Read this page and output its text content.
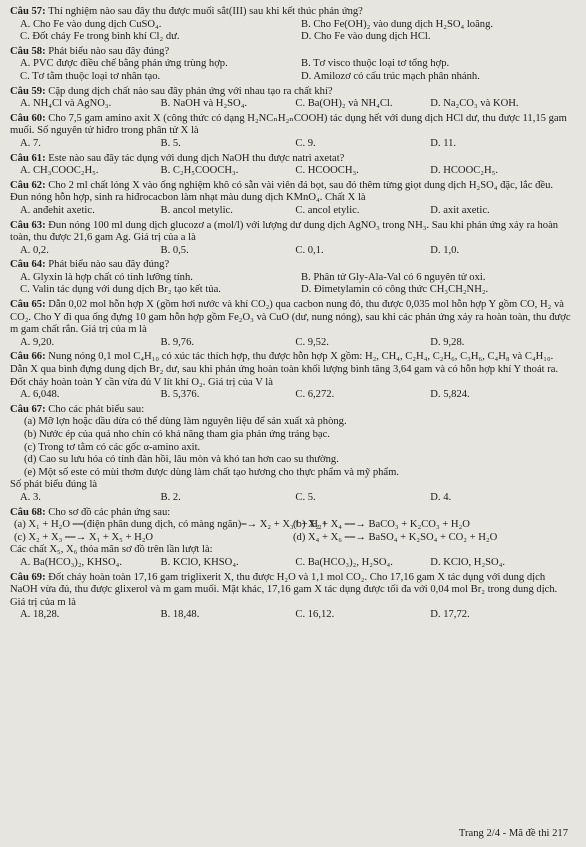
Câu 57: Thí nghiệm nào sau đây thu được muối sắt(III) sau khi kết thúc phản ứng?
A. Cho Fe vào dung dịch CuSO₄.	B. Cho Fe(OH)₂ vào dung dịch H₂SO₄ loãng.
C. Đốt cháy Fe trong bình khí Cl₂ dư.	D. Cho Fe vào dung dịch HCl.
Câu 58: Phát biểu nào sau đây đúng?
A. PVC được điều chế bằng phản ứng trùng hợp.	B. Tơ visco thuộc loại tơ tổng hợp.
C. Tơ tằm thuộc loại tơ nhân tạo.	D. Amilozơ có cấu trúc mạch phân nhánh.
Câu 59: Cặp dung dịch chất nào sau đây phản ứng với nhau tạo ra chất khí?
A. NH₄Cl và AgNO₃.	B. NaOH và H₂SO₄.	C. Ba(OH)₂ và NH₄Cl.	D. Na₂CO₃ và KOH.
Câu 60: Cho 7,5 gam amino axit X (công thức có dạng H₂NCₙH₂ₙCOOH) tác dụng hết với dung dịch HCl dư, thu được 11,15 gam muối. Số nguyên tử hiđro trong phân tử X là
A. 7.	B. 5.	C. 9.	D. 11.
Câu 61: Este nào sau đây tác dụng với dung dịch NaOH thu được natri axetat?
A. CH₃COOC₂H₅.	B. C₂H₅COOCH₃.	C. HCOOCH₃.	D. HCOOC₂H₅.
Câu 62: Cho 2 ml chất lỏng X vào ống nghiệm khô có sẵn vài viên đá bọt, sau đó thêm từng giọt dung dịch H₂SO₄ đặc, lắc đều. Đun nóng hỗn hợp, sinh ra hiđrocacbon làm nhạt màu dung dịch KMnO₄. Chất X là
A. anđehit axetic.	B. ancol metylic.	C. ancol etylic.	D. axit axetic.
Câu 63: Đun nóng 100 ml dung dịch glucozơ a (mol/l) với lượng dư dung dịch AgNO₃ trong NH₃. Sau khi phản ứng xảy ra hoàn toàn, thu được 21,6 gam Ag. Giá trị của a là
A. 0,2.	B. 0,5.	C. 0,1.	D. 1,0.
Câu 64: Phát biểu nào sau đây đúng?
A. Glyxin là hợp chất có tính lưỡng tính.	B. Phân tử Gly-Ala-Val có 6 nguyên tử oxi.
C. Valin tác dụng với dung dịch Br₂ tạo kết tủa.	D. Đimetylamin có công thức CH₃CH₂NH₂.
Câu 65: Dẫn 0,02 mol hỗn hợp X (gồm hơi nước và khí CO₂) qua cacbon nung đỏ, thu được 0,035 mol hỗn hợp Y gồm CO, H₂ và CO₂. Cho Y đi qua ống đựng 10 gam hỗn hợp gồm Fe₂O₃ và CuO (dư, nung nóng), sau khi các phản ứng xảy ra hoàn toàn, thu được m gam chất rắn. Giá trị của m là
A. 9,20.	B. 9,76.	C. 9,52.	D. 9,28.
Câu 66: Nung nóng 0,1 mol C₄H₁₀ có xúc tác thích hợp, thu được hỗn hợp X gồm: H₂, CH₄, C₂H₄, C₂H₆, C₃H₆, C₄H₈ và C₄H₁₀. Dẫn X qua bình đựng dung dịch Br₂ dư, sau khi phản ứng hoàn toàn khối lượng bình tăng 3,64 gam và có hỗn hợp khí Y thoát ra. Đốt cháy hoàn toàn Y cần vừa đủ V lít khí O₂. Giá trị của V là
A. 6,048.	B. 5,376.	C. 6,272.	D. 5,824.
Câu 67: Cho các phát biểu sau:
(a) Mỡ lợn hoặc dầu dừa có thể dùng làm nguyên liệu để sản xuất xà phòng.
(b) Nước ép của quả nho chín có khả năng tham gia phản ứng tráng bạc.
(c) Trong tơ tằm có các gốc α-amino axit.
(d) Cao su lưu hóa có tính đàn hồi, lâu mòn và khó tan hơn cao su thường.
(e) Một số este có mùi thơm được dùng làm chất tạo hương cho thực phẩm và mỹ phẩm.
Số phát biểu đúng là
A. 3.	B. 2.	C. 5.	D. 4.
Câu 68: Cho sơ đồ các phản ứng sau:
(a) X₁ + H₂O ⎯⎯(điện phân dung dịch, có màng ngăn)⎯→ X₂ + X₃↑ + H₂↑
(b) X₂ + X₄ ⎯⎯→ BaCO₃ + K₂CO₃ + H₂O
(c) X₂ + X₃ ⎯⎯→ X₁ + X₅ + H₂O	(d) X₄ + X₆ ⎯⎯→ BaSO₄ + K₂SO₄ + CO₂ + H₂O
Các chất X₅, X₆ thỏa mãn sơ đồ trên lần lượt là:
A. Ba(HCO₃)₂, KHSO₄.	B. KClO, KHSO₄.	C. Ba(HCO₃)₂, H₂SO₄.	D. KClO, H₂SO₄.
Câu 69: Đốt cháy hoàn toàn 17,16 gam triglixerit X, thu được H₂O và 1,1 mol CO₂. Cho 17,16 gam X tác dụng với dung dịch NaOH vừa đủ, thu được glixerol và m gam muối. Mặt khác, 17,16 gam X tác dụng được tối đa với 0,04 mol Br₂ trong dung dịch. Giá trị của m là
A. 18,28.	B. 18,48.	C. 16,12.	D. 17,72.
Trang 2/4 - Mã đề thi 217
